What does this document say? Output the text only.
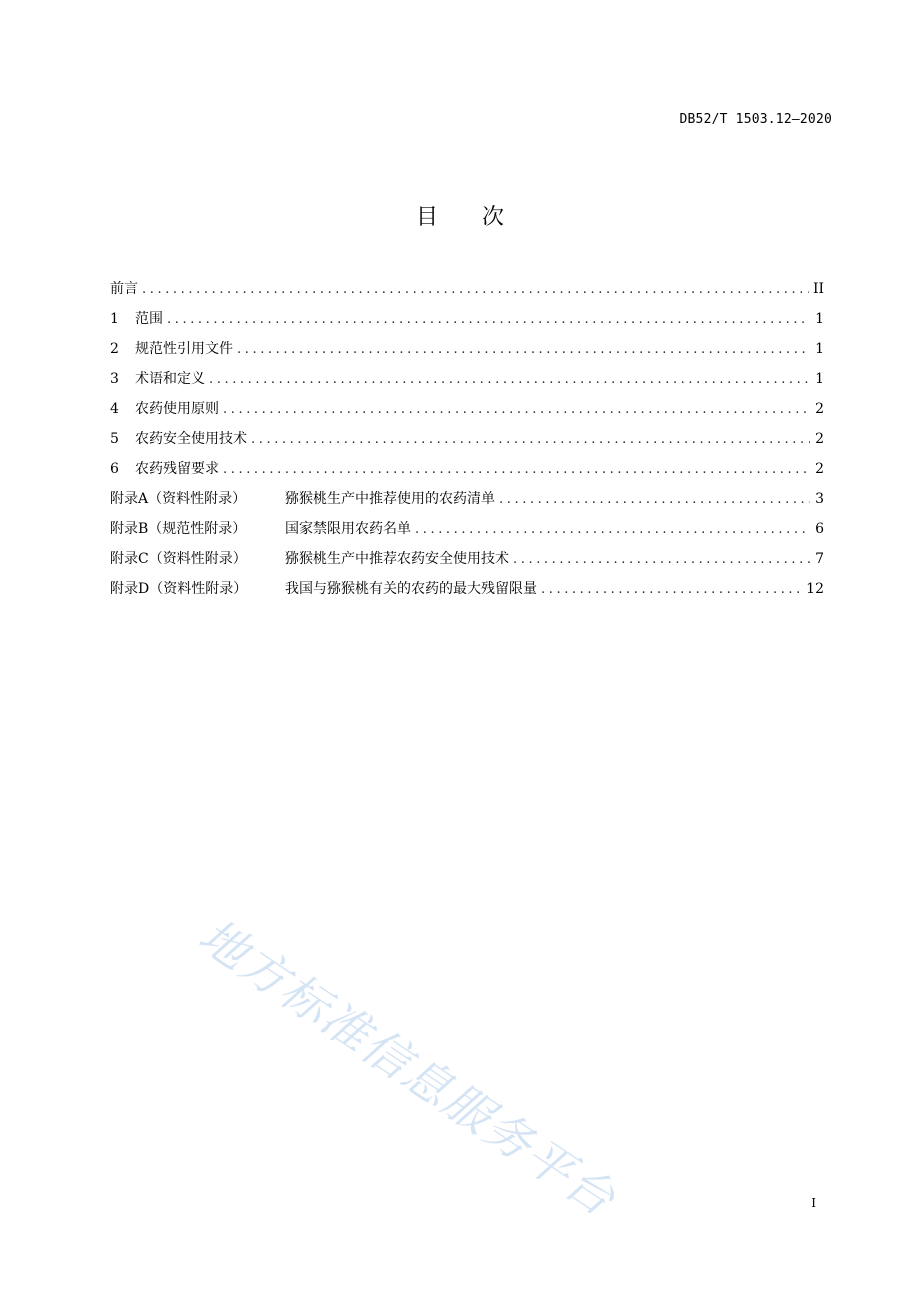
DB52/T 1503.12—2020
目次
前言 .....	II
1	范围 .....	1
2	规范性引用文件 .....	1
3	术语和定义 .....	1
4	农药使用原则 .....	2
5	农药安全使用技术 .....	2
6	农药残留要求 .....	2
附录A（资料性附录）	猕猴桃生产中推荐使用的农药清单 .....	3
附录B（规范性附录）	国家禁限用农药名单 .....	6
附录C（资料性附录）	猕猴桃生产中推荐农药安全使用技术 .....	7
附录D（资料性附录）	我国与猕猴桃有关的农药的最大残留限量 .....	12
地方标准信息服务平台	I
